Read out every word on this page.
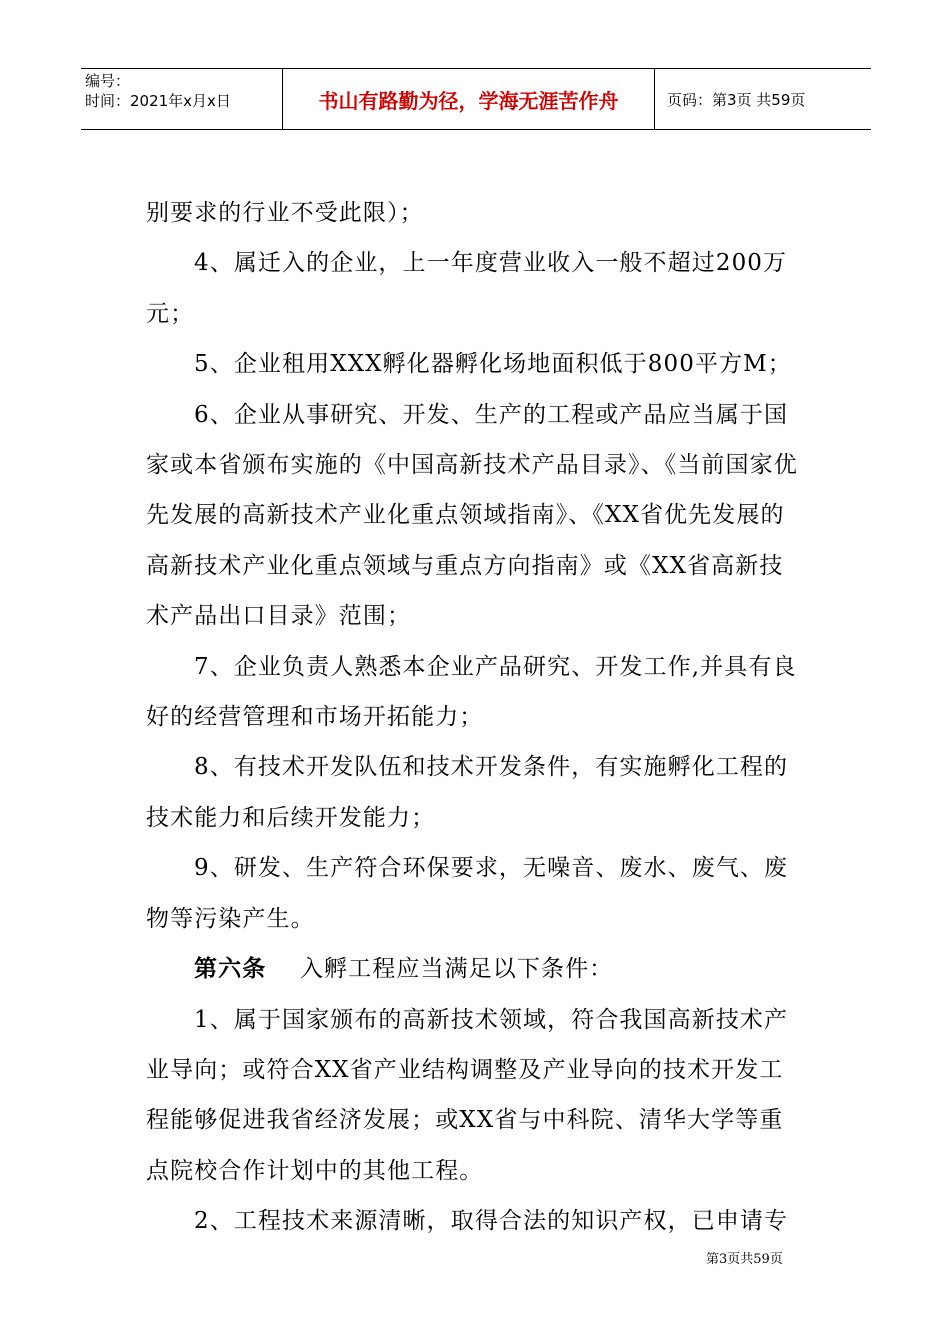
编号：
时间：2021年x月x日	书山有路勤为径，学海无涯苦作舟	页码：第3页 共59页

别要求的行业不受此限）；

4、属迁入的企业，上一年度营业收入一般不超过200万元；

5、企业租用XXX孵化器孵化场地面积低于800平方M；

6、企业从事研究、开发、生产的工程或产品应当属于国家或本省颁布实施的《中国高新技术产品目录》、《当前国家优先发展的高新技术产业化重点领域指南》、《XX省优先发展的高新技术产业化重点领域与重点方向指南》或《XX省高新技术产品出口目录》范围；

7、企业负责人熟悉本企业产品研究、开发工作,并具有良好的经营管理和市场开拓能力；

8、有技术开发队伍和技术开发条件，有实施孵化工程的技术能力和后续开发能力；

9、研发、生产符合环保要求，无噪音、废水、废气、废物等污染产生。

第六条 入孵工程应当满足以下条件：

1、属于国家颁布的高新技术领域，符合我国高新技术产业导向；或符合XX省产业结构调整及产业导向的技术开发工程能够促进我省经济发展；或XX省与中科院、清华大学等重点院校合作计划中的其他工程。

2、工程技术来源清晰，取得合法的知识产权，已申请专

第3页共59页
